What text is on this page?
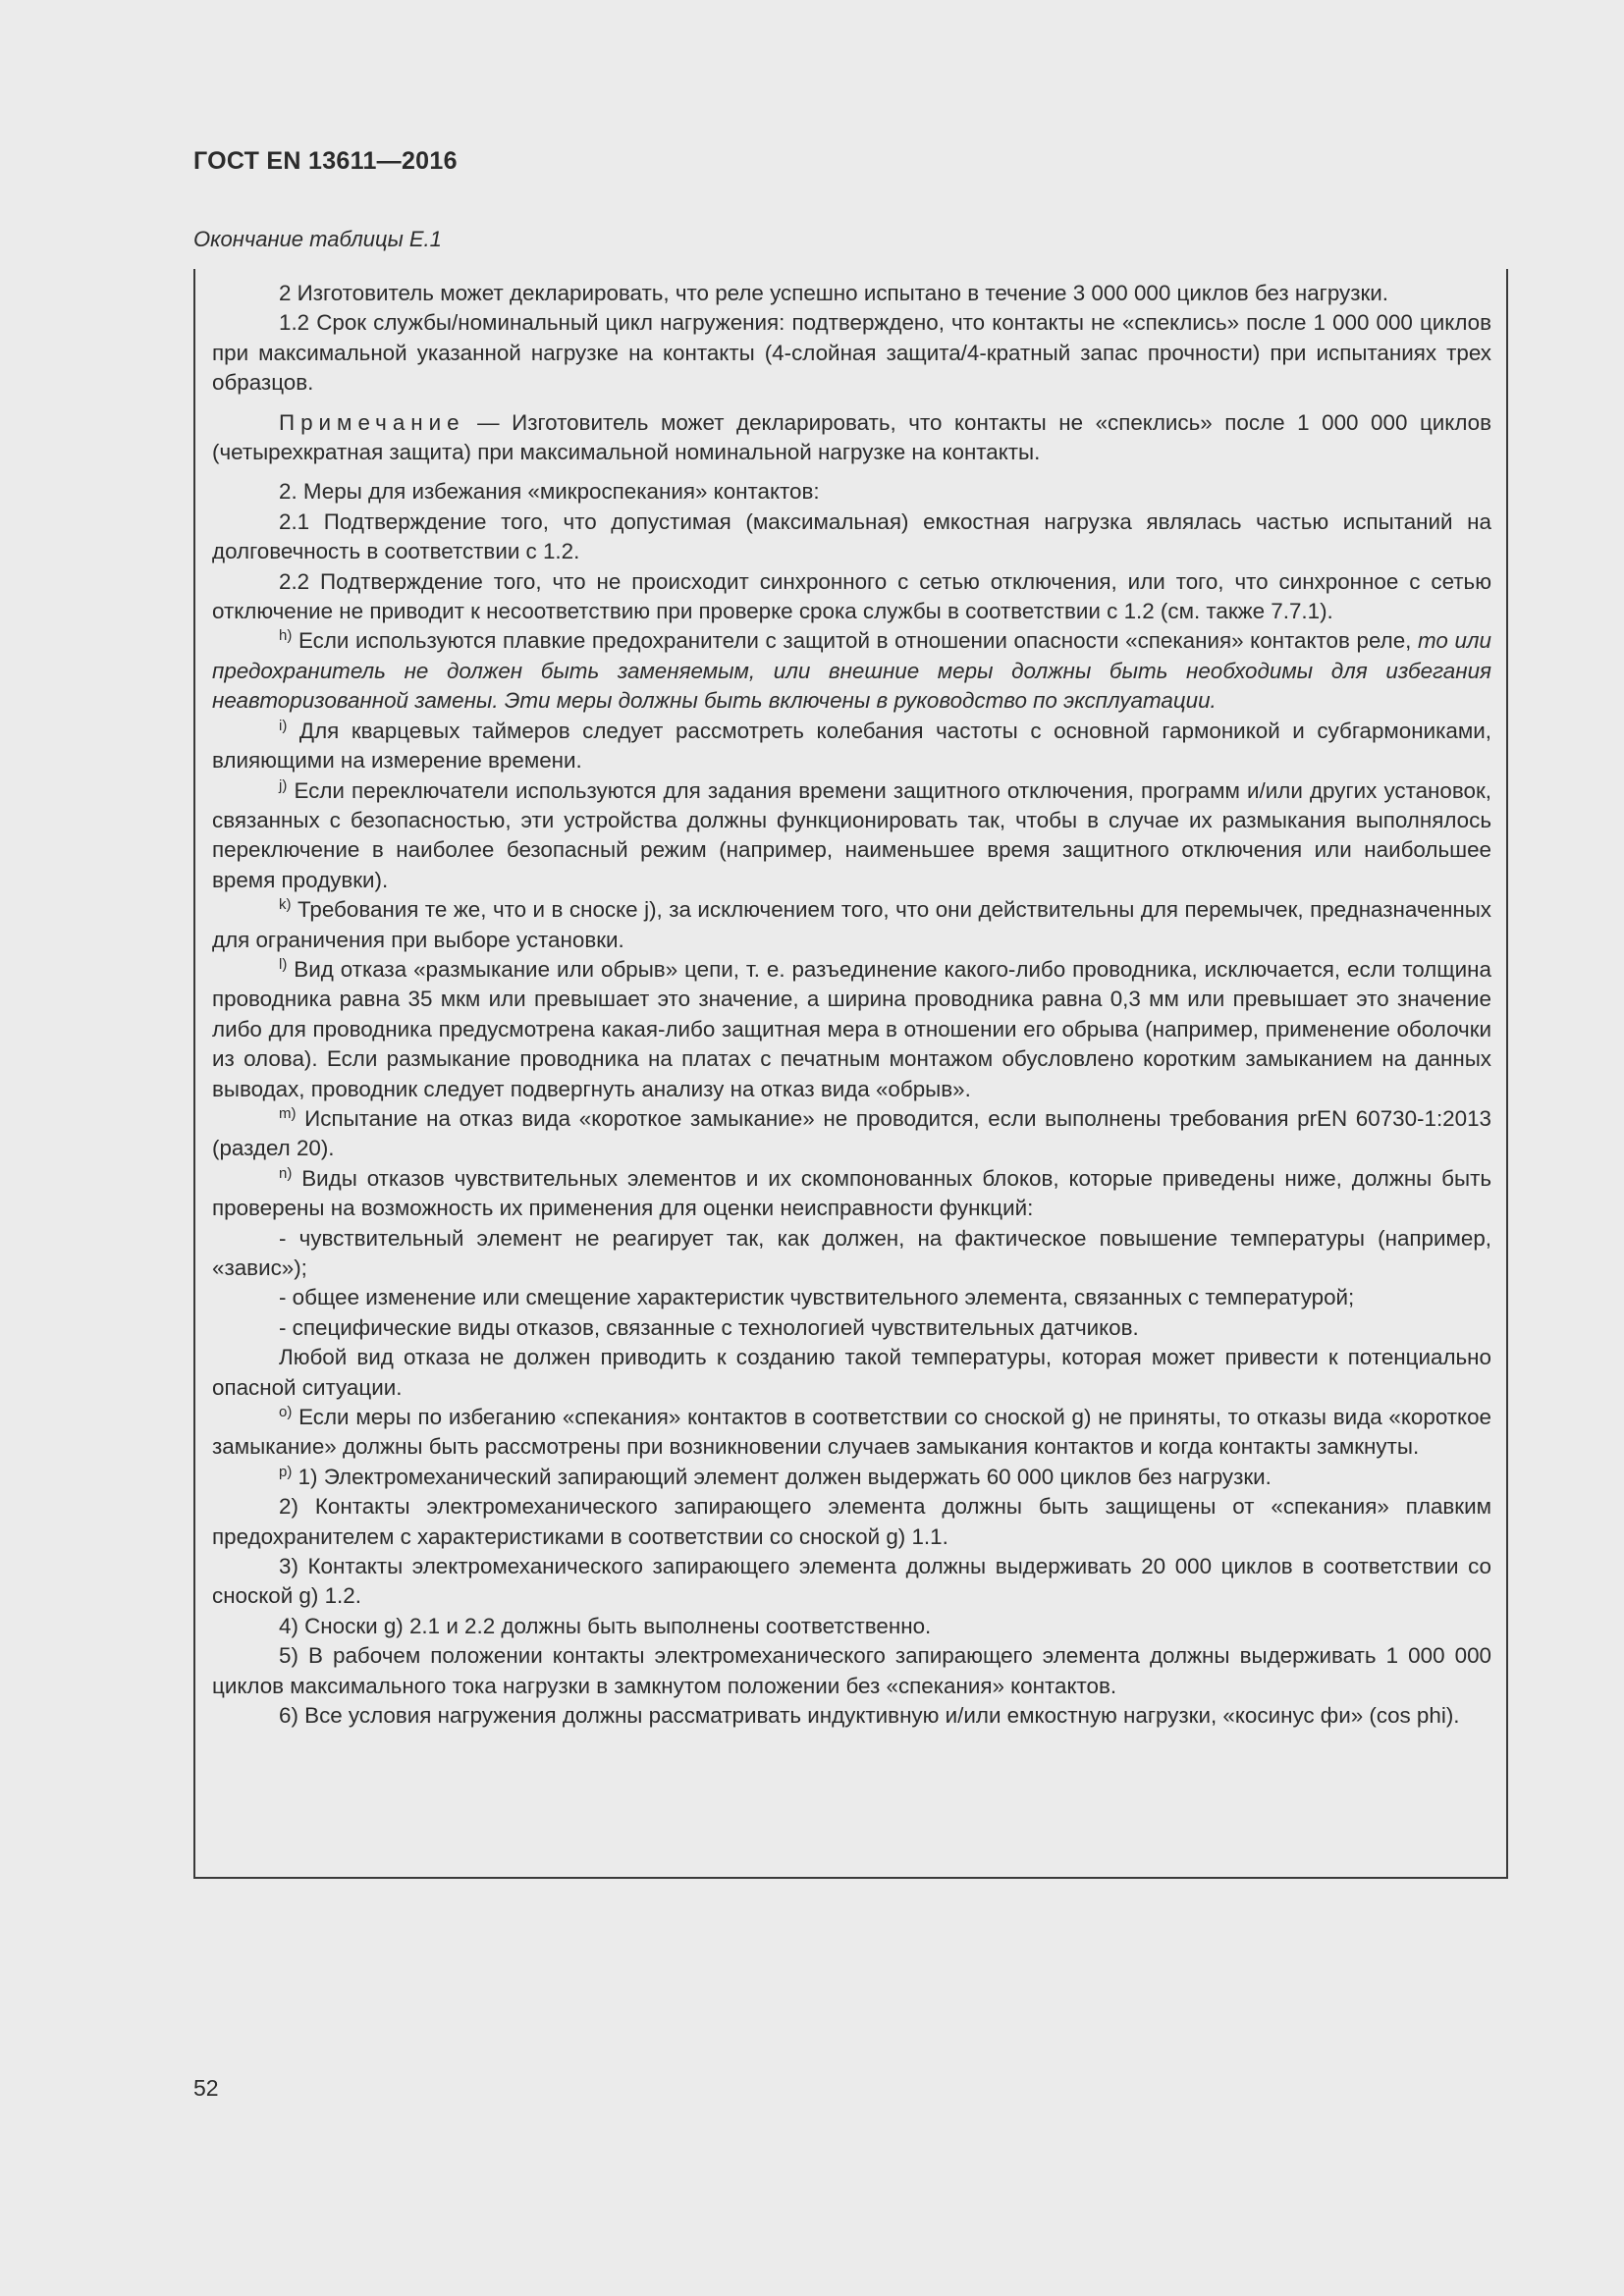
ГОСТ EN 13611—2016
Окончание таблицы Е.1

2 Изготовитель может декларировать, что реле успешно испытано в течение 3 000 000 циклов без нагрузки.

1.2 Срок службы/номинальный цикл нагружения: подтверждено, что контакты не «спеклись» после 1 000 000 циклов при максимальной указанной нагрузке на контакты (4-слойная защита/4-кратный запас прочности) при испытаниях трех образцов.

Примечание — Изготовитель может декларировать, что контакты не «спеклись» после 1 000 000 циклов (четырехкратная защита) при максимальной номинальной нагрузке на контакты.

2. Меры для избежания «микроспекания» контактов:

2.1 Подтверждение того, что допустимая (максимальная) емкостная нагрузка являлась частью испытаний на долговечность в соответствии с 1.2.

2.2 Подтверждение того, что не происходит синхронного с сетью отключения, или того, что синхронное с сетью отключение не приводит к несоответствию при проверке срока службы в соответствии с 1.2 (см. также 7.7.1).

$^{h)}$ Если используются плавкие предохранители с защитой в отношении опасности «спекания» контактов реле, то или предохранитель не должен быть заменяемым, или внешние меры должны быть необходимы для избегания неавторизованной замены. Эти меры должны быть включены в руководство по эксплуатации.

$^{i)}$ Для кварцевых таймеров следует рассмотреть колебания частоты с основной гармоникой и субгармониками, влияющими на измерение времени.

$^{j)}$ Если переключатели используются для задания времени защитного отключения, программ и/или других установок, связанных с безопасностью, эти устройства должны функционировать так, чтобы в случае их размыкания выполнялось переключение в наиболее безопасный режим (например, наименьшее время защитного отключения или наибольшее время продувки).

$^{k)}$ Требования те же, что и в сноске j), за исключением того, что они действительны для перемычек, предназначенных для ограничения при выборе установки.

$^{l)}$ Вид отказа «размыкание или обрыв» цепи, т. е. разъединение какого-либо проводника, исключается, если толщина проводника равна 35 мкм или превышает это значение, а ширина проводника равна 0,3 мм или превышает это значение либо для проводника предусмотрена какая-либо защитная мера в отношении его обрыва (например, применение оболочки из олова). Если размыкание проводника на платах с печатным монтажом обусловлено коротким замыканием на данных выводах, проводник следует подвергнуть анализу на отказ вида «обрыв».

$^{m)}$ Испытание на отказ вида «короткое замыкание» не проводится, если выполнены требования prEN 60730-1:2013 (раздел 20).

$^{n)}$ Виды отказов чувствительных элементов и их скомпонованных блоков, которые приведены ниже, должны быть проверены на возможность их применения для оценки неисправности функций:

- чувствительный элемент не реагирует так, как должен, на фактическое повышение температуры (например, «завис»);

- общее изменение или смещение характеристик чувствительного элемента, связанных с температурой;

- специфические виды отказов, связанные с технологией чувствительных датчиков.

Любой вид отказа не должен приводить к созданию такой температуры, которая может привести к потенциально опасной ситуации.

$^{o)}$ Если меры по избеганию «спекания» контактов в соответствии со сноской g) не приняты, то отказы вида «короткое замыкание» должны быть рассмотрены при возникновении случаев замыкания контактов и когда контакты замкнуты.

$^{p)}$ 1) Электромеханический запирающий элемент должен выдержать 60 000 циклов без нагрузки.

2) Контакты электромеханического запирающего элемента должны быть защищены от «спекания» плавким предохранителем с характеристиками в соответствии со сноской g) 1.1.

3) Контакты электромеханического запирающего элемента должны выдерживать 20 000 циклов в соответствии со сноской g) 1.2.

4) Сноски g) 2.1 и 2.2 должны быть выполнены соответственно.

5) В рабочем положении контакты электромеханического запирающего элемента должны выдерживать 1 000 000 циклов максимального тока нагрузки в замкнутом положении без «спекания» контактов.

6) Все условия нагружения должны рассматривать индуктивную и/или емкостную нагрузки, «косинус фи» (cos phi).

52
